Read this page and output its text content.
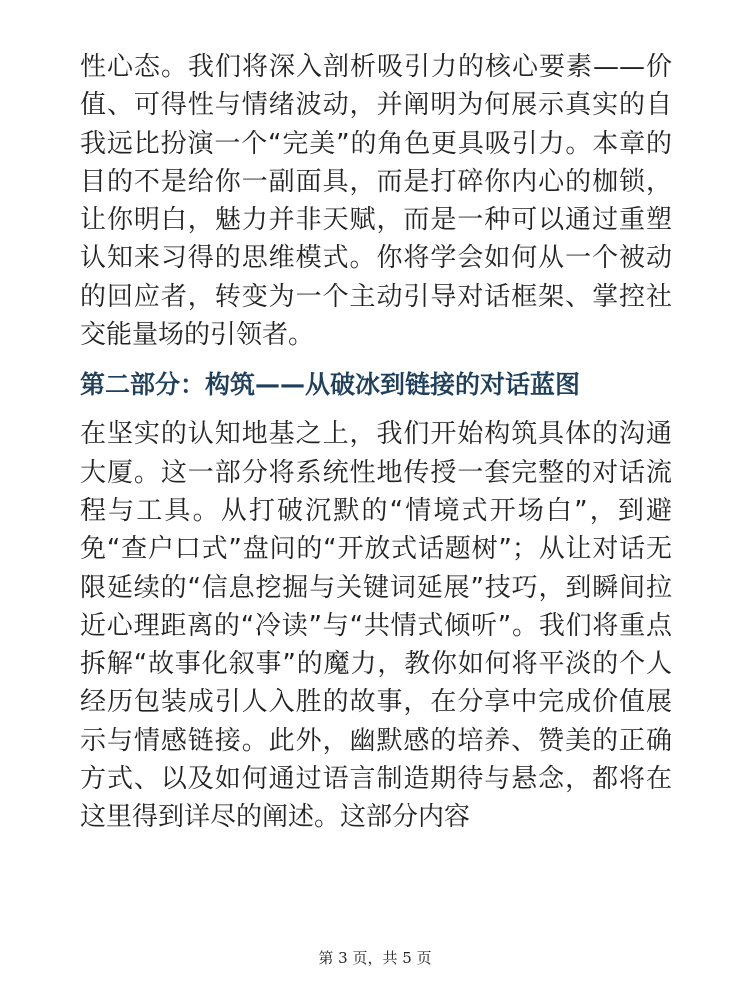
性心态。我们将深入剖析吸引力的核心要素——价值、可得性与情绪波动，并阐明为何展示真实的自我远比扮演一个“完美”的角色更具吸引力。本章的目的不是给你一副面具，而是打碎你内心的枷锁，让你明白，魅力并非天赋，而是一种可以通过重塑认知来习得的思维模式。你将学会如何从一个被动的回应者，转变为一个主动引导对话框架、掌控社交能量场的引领者。

第二部分：构筑——从破冰到链接的对话蓝图

在坚实的认知地基之上，我们开始构筑具体的沟通大厦。这一部分将系统性地传授一套完整的对话流程与工具。从打破沉默的“情境式开场白”，到避免“查户口式”盘问的“开放式话题树”；从让对话无限延续的“信息挖掘与关键词延展”技巧，到瞬间拉近心理距离的“冷读”与“共情式倾听”。我们将重点拆解“故事化叙事”的魔力，教你如何将平淡的个人经历包装成引人入胜的故事，在分享中完成价值展示与情感链接。此外，幽默感的培养、赞美的正确方式、以及如何通过语言制造期待与悬念，都将在这里得到详尽的阐述。这部分内容

第 3 页，共 5 页
